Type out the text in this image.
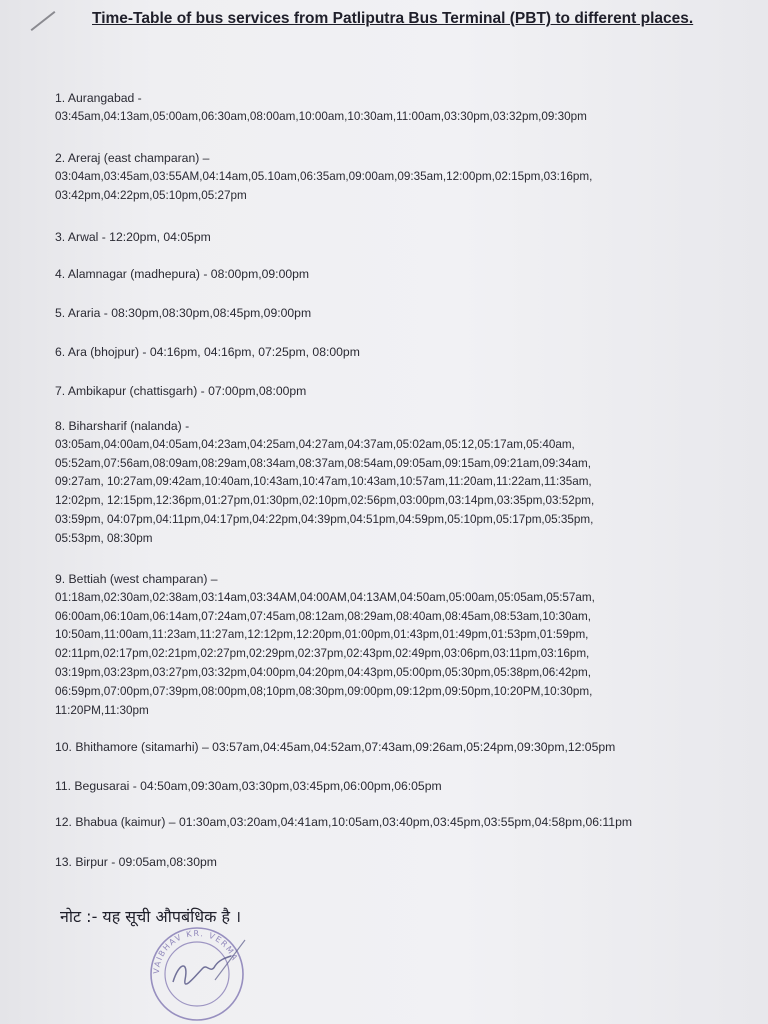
Time-Table of bus services from Patliputra Bus Terminal (PBT) to different places.
1. Aurangabad -
03:45am,04:13am,05:00am,06:30am,08:00am,10:00am,10:30am,11:00am,03:30pm,03:32pm,09:30pm
2. Areraj (east champaran) –
03:04am,03:45am,03:55AM,04:14am,05.10am,06:35am,09:00am,09:35am,12:00pm,02:15pm,03:16pm,
03:42pm,04:22pm,05:10pm,05:27pm
3. Arwal - 12:20pm, 04:05pm
4. Alamnagar (madhepura) - 08:00pm,09:00pm
5. Araria - 08:30pm,08:30pm,08:45pm,09:00pm
6. Ara (bhojpur) - 04:16pm, 04:16pm, 07:25pm, 08:00pm
7. Ambikapur (chattisgarh) - 07:00pm,08:00pm
8. Biharsharif (nalanda) -
03:05am,04:00am,04:05am,04:23am,04:25am,04:27am,04:37am,05:02am,05:12,05:17am,05:40am,
05:52am,07:56am,08:09am,08:29am,08:34am,08:37am,08:54am,09:05am,09:15am,09:21am,09:34am,
09:27am, 10:27am,09:42am,10:40am,10:43am,10:47am,10:43am,10:57am,11:20am,11:22am,11:35am,
12:02pm, 12:15pm,12:36pm,01:27pm,01:30pm,02:10pm,02:56pm,03:00pm,03:14pm,03:35pm,03:52pm,
03:59pm, 04:07pm,04:11pm,04:17pm,04:22pm,04:39pm,04:51pm,04:59pm,05:10pm,05:17pm,05:35pm,
05:53pm, 08:30pm
9. Bettiah (west champaran) –
01:18am,02:30am,02:38am,03:14am,03:34AM,04:00AM,04:13AM,04:50am,05:00am,05:05am,05:57am,
06:00am,06:10am,06:14am,07:24am,07:45am,08:12am,08:29am,08:40am,08:45am,08:53am,10:30am,
10:50am,11:00am,11:23am,11:27am,12:12pm,12:20pm,01:00pm,01:43pm,01:49pm,01:53pm,01:59pm,
02:11pm,02:17pm,02:21pm,02:27pm,02:29pm,02:37pm,02:43pm,02:49pm,03:06pm,03:11pm,03:16pm,
03:19pm,03:23pm,03:27pm,03:32pm,04:00pm,04:20pm,04:43pm,05:00pm,05:30pm,05:38pm,06:42pm,
06:59pm,07:00pm,07:39pm,08:00pm,08;10pm,08:30pm,09:00pm,09:12pm,09:50pm,10:20PM,10:30pm,
11:20PM,11:30pm
10. Bhithamore (sitamarhi) – 03:57am,04:45am,04:52am,07:43am,09:26am,05:24pm,09:30pm,12:05pm
11. Begusarai - 04:50am,09:30am,03:30pm,03:45pm,06:00pm,06:05pm
12. Bhabua (kaimur) – 01:30am,03:20am,04:41am,10:05am,03:40pm,03:45pm,03:55pm,04:58pm,06:11pm
13. Birpur - 09:05am,08:30pm
नोट :- यह सूची औपबंधिक है ।
VAIBHAV KR. VERMA
